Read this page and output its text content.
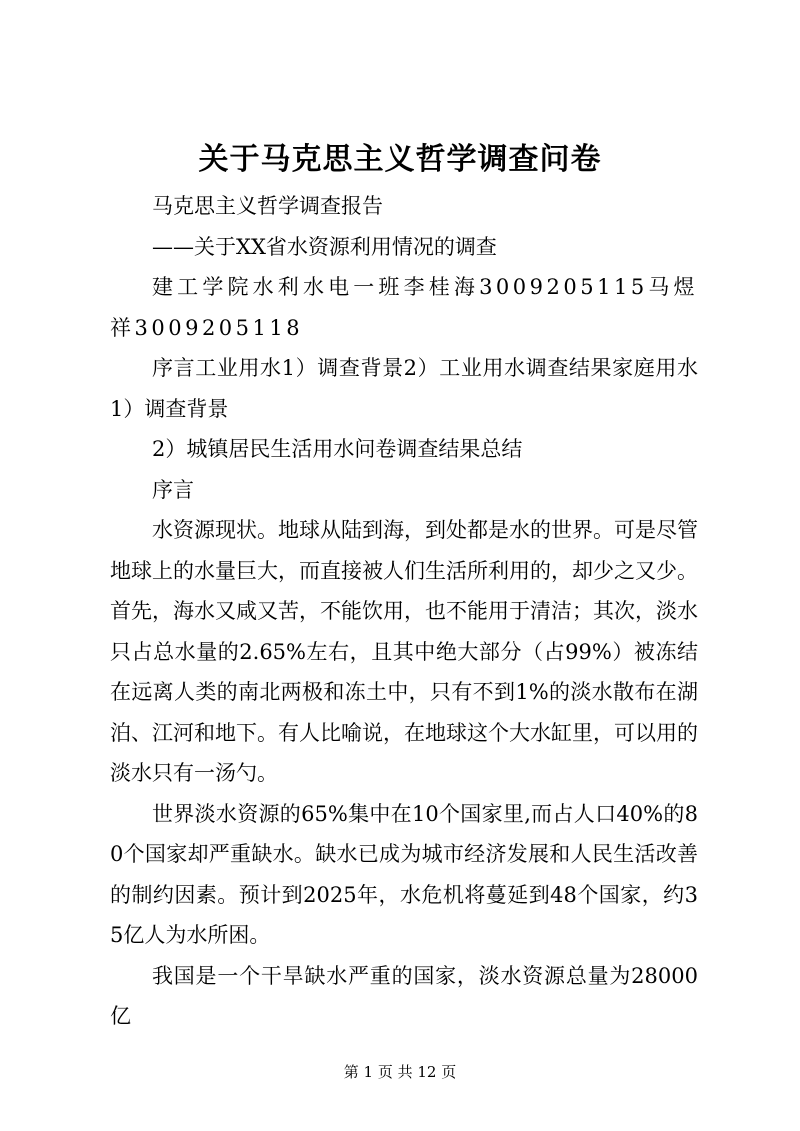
关于马克思主义哲学调查问卷

马克思主义哲学调查报告

——关于XX省水资源利用情况的调查

建工学院水利水电一班李桂海3009205115马煜祥3009205118

序言工业用水1）调查背景2）工业用水调查结果家庭用水1）调查背景

2）城镇居民生活用水问卷调查结果总结

序言

水资源现状。地球从陆到海，到处都是水的世界。可是尽管地球上的水量巨大，而直接被人们生活所利用的，却少之又少。首先，海水又咸又苦，不能饮用，也不能用于清洁；其次，淡水只占总水量的2.65%左右，且其中绝大部分（占99%）被冻结在远离人类的南北两极和冻土中，只有不到1%的淡水散布在湖泊、江河和地下。有人比喻说，在地球这个大水缸里，可以用的淡水只有一汤勺。

世界淡水资源的65%集中在10个国家里,而占人口40%的80个国家却严重缺水。缺水已成为城市经济发展和人民生活改善的制约因素。预计到2025年，水危机将蔓延到48个国家，约35亿人为水所困。

我国是一个干旱缺水严重的国家，淡水资源总量为28000亿

第 1 页 共 12 页
